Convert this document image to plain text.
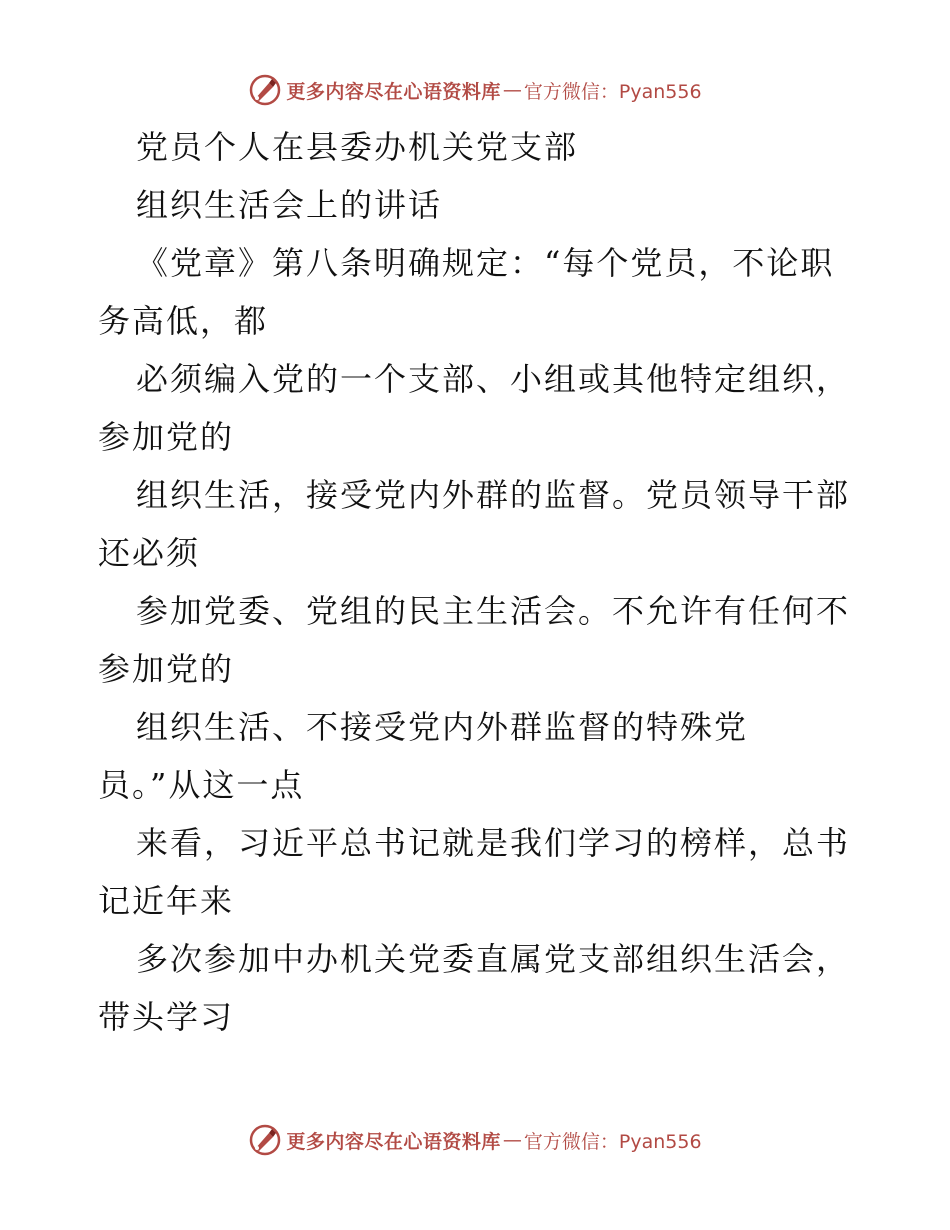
更多内容尽在心语资料库 — 官方微信：Pyan556
党员个人在县委办机关党支部
组织生活会上的讲话
《党章》第八条明确规定：“每个党员，不论职
务高低，都
必须编入党的一个支部、小组或其他特定组织，
参加党的
组织生活，接受党内外群的监督。党员领导干部
还必须
参加党委、党组的民主生活会。不允许有任何不
参加党的
组织生活、不接受党内外群监督的特殊党
员。”从这一点
来看，习近平总书记就是我们学习的榜样，总书
记近年来
多次参加中办机关党委直属党支部组织生活会，
带头学习
更多内容尽在心语资料库 — 官方微信：Pyan556
